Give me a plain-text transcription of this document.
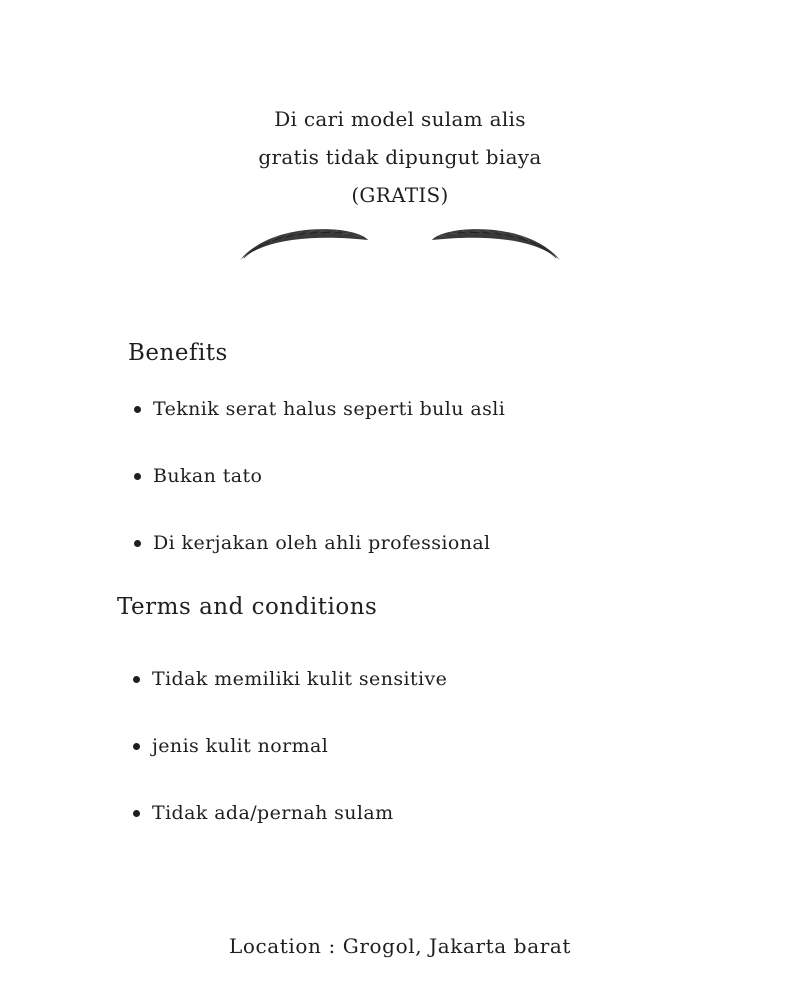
Di cari model sulam alis
gratis tidak dipungut biaya
(GRATIS)
Benefits
Teknik serat halus seperti bulu asli
Bukan tato
Di kerjakan oleh ahli professional
Terms and conditions
Tidak memiliki kulit sensitive
jenis kulit normal
Tidak ada/pernah sulam
Location : Grogol, Jakarta barat
